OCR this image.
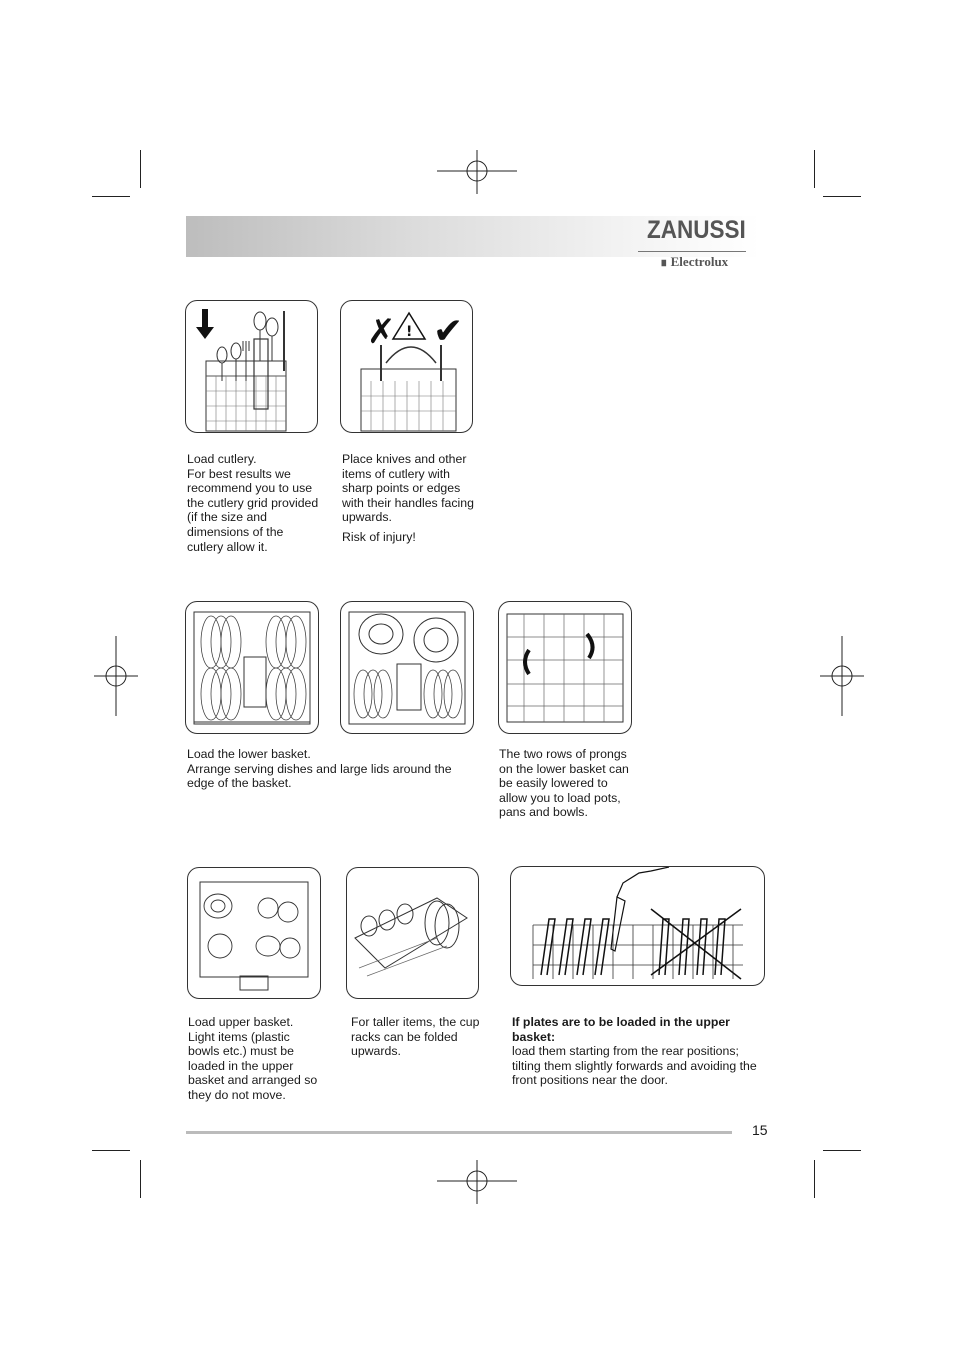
ZANUSSI
∎ Electrolux
✗ ! ✔

Load cutlery.

For best results we

recommend you to use

the cutlery grid provided

(if the size and

dimensions of the

cutlery allow it.

Place knives and other

items of cutlery with

sharp points or edges

with their handles facing

upwards.

Risk of injury!

Load the lower basket.

Arrange serving dishes and large lids around the

edge of the basket.

The two rows of prongs

on the lower basket can

be easily lowered to

allow you to load pots,

pans and bowls.

Load upper basket.

Light items (plastic

bowls etc.) must be

loaded in the upper

basket and arranged so

they do not move.

For taller items, the cup

racks can be folded

upwards.

If plates are to be loaded in the upper basket:

load them starting from the rear positions;

tilting them slightly forwards and avoiding the

front positions near the door.

15
